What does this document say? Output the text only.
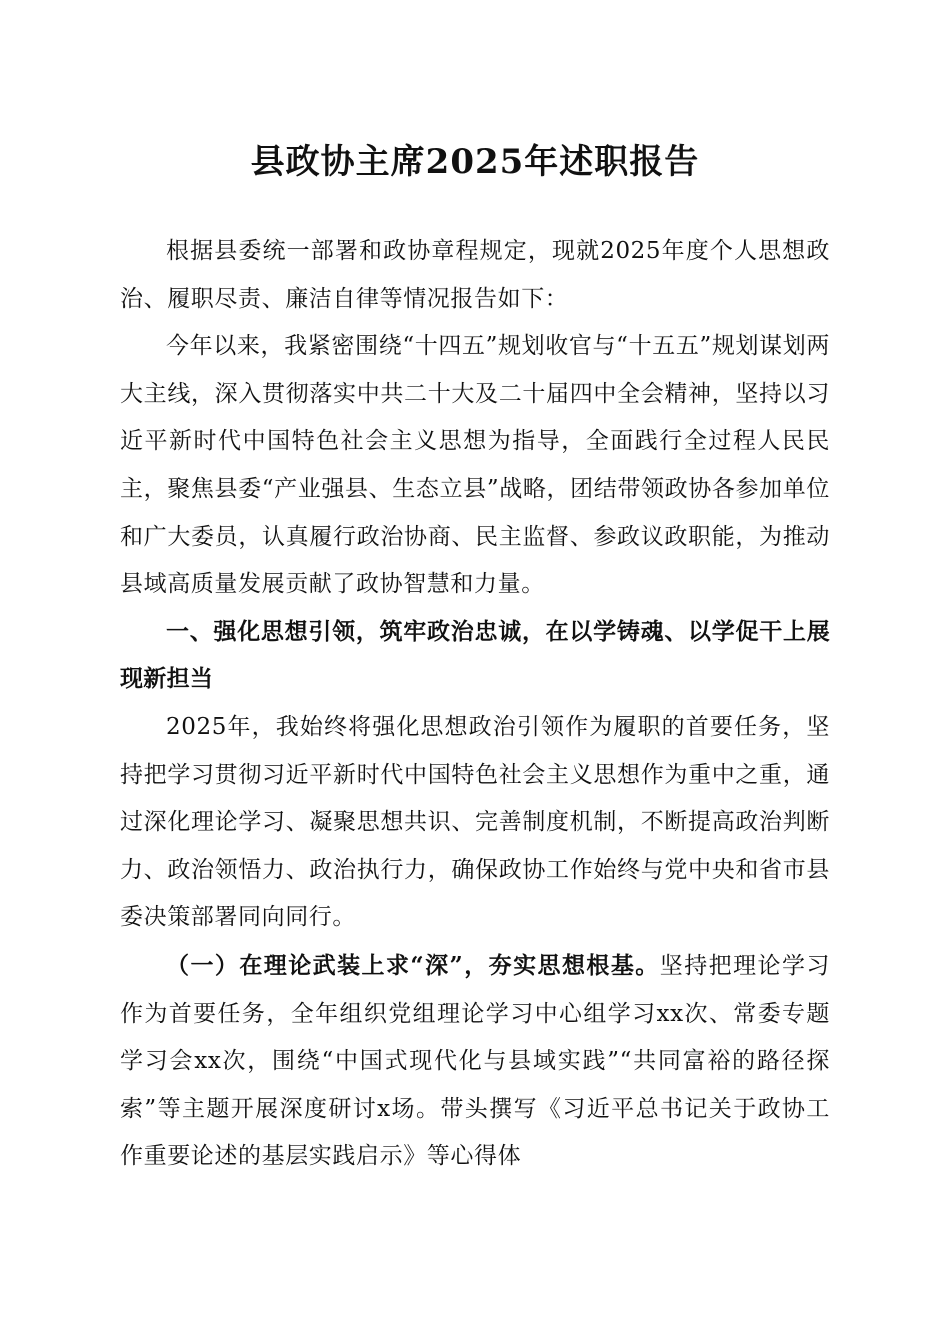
县政协主席2025年述职报告

根据县委统一部署和政协章程规定，现就2025年度个人思想政治、履职尽责、廉洁自律等情况报告如下：

今年以来，我紧密围绕“十四五”规划收官与“十五五”规划谋划两大主线，深入贯彻落实中共二十大及二十届四中全会精神，坚持以习近平新时代中国特色社会主义思想为指导，全面践行全过程人民民主，聚焦县委“产业强县、生态立县”战略，团结带领政协各参加单位和广大委员，认真履行政治协商、民主监督、参政议政职能，为推动县域高质量发展贡献了政协智慧和力量。

一、强化思想引领，筑牢政治忠诚，在以学铸魂、以学促干上展现新担当

2025年，我始终将强化思想政治引领作为履职的首要任务，坚持把学习贯彻习近平新时代中国特色社会主义思想作为重中之重，通过深化理论学习、凝聚思想共识、完善制度机制，不断提高政治判断力、政治领悟力、政治执行力，确保政协工作始终与党中央和省市县委决策部署同向同行。

（一）在理论武装上求“深”，夯实思想根基。坚持把理论学习作为首要任务，全年组织党组理论学习中心组学习xx次、常委专题学习会xx次，围绕“中国式现代化与县域实践”“共同富裕的路径探索”等主题开展深度研讨x场。带头撰写《习近平总书记关于政协工作重要论述的基层实践启示》等心得体
